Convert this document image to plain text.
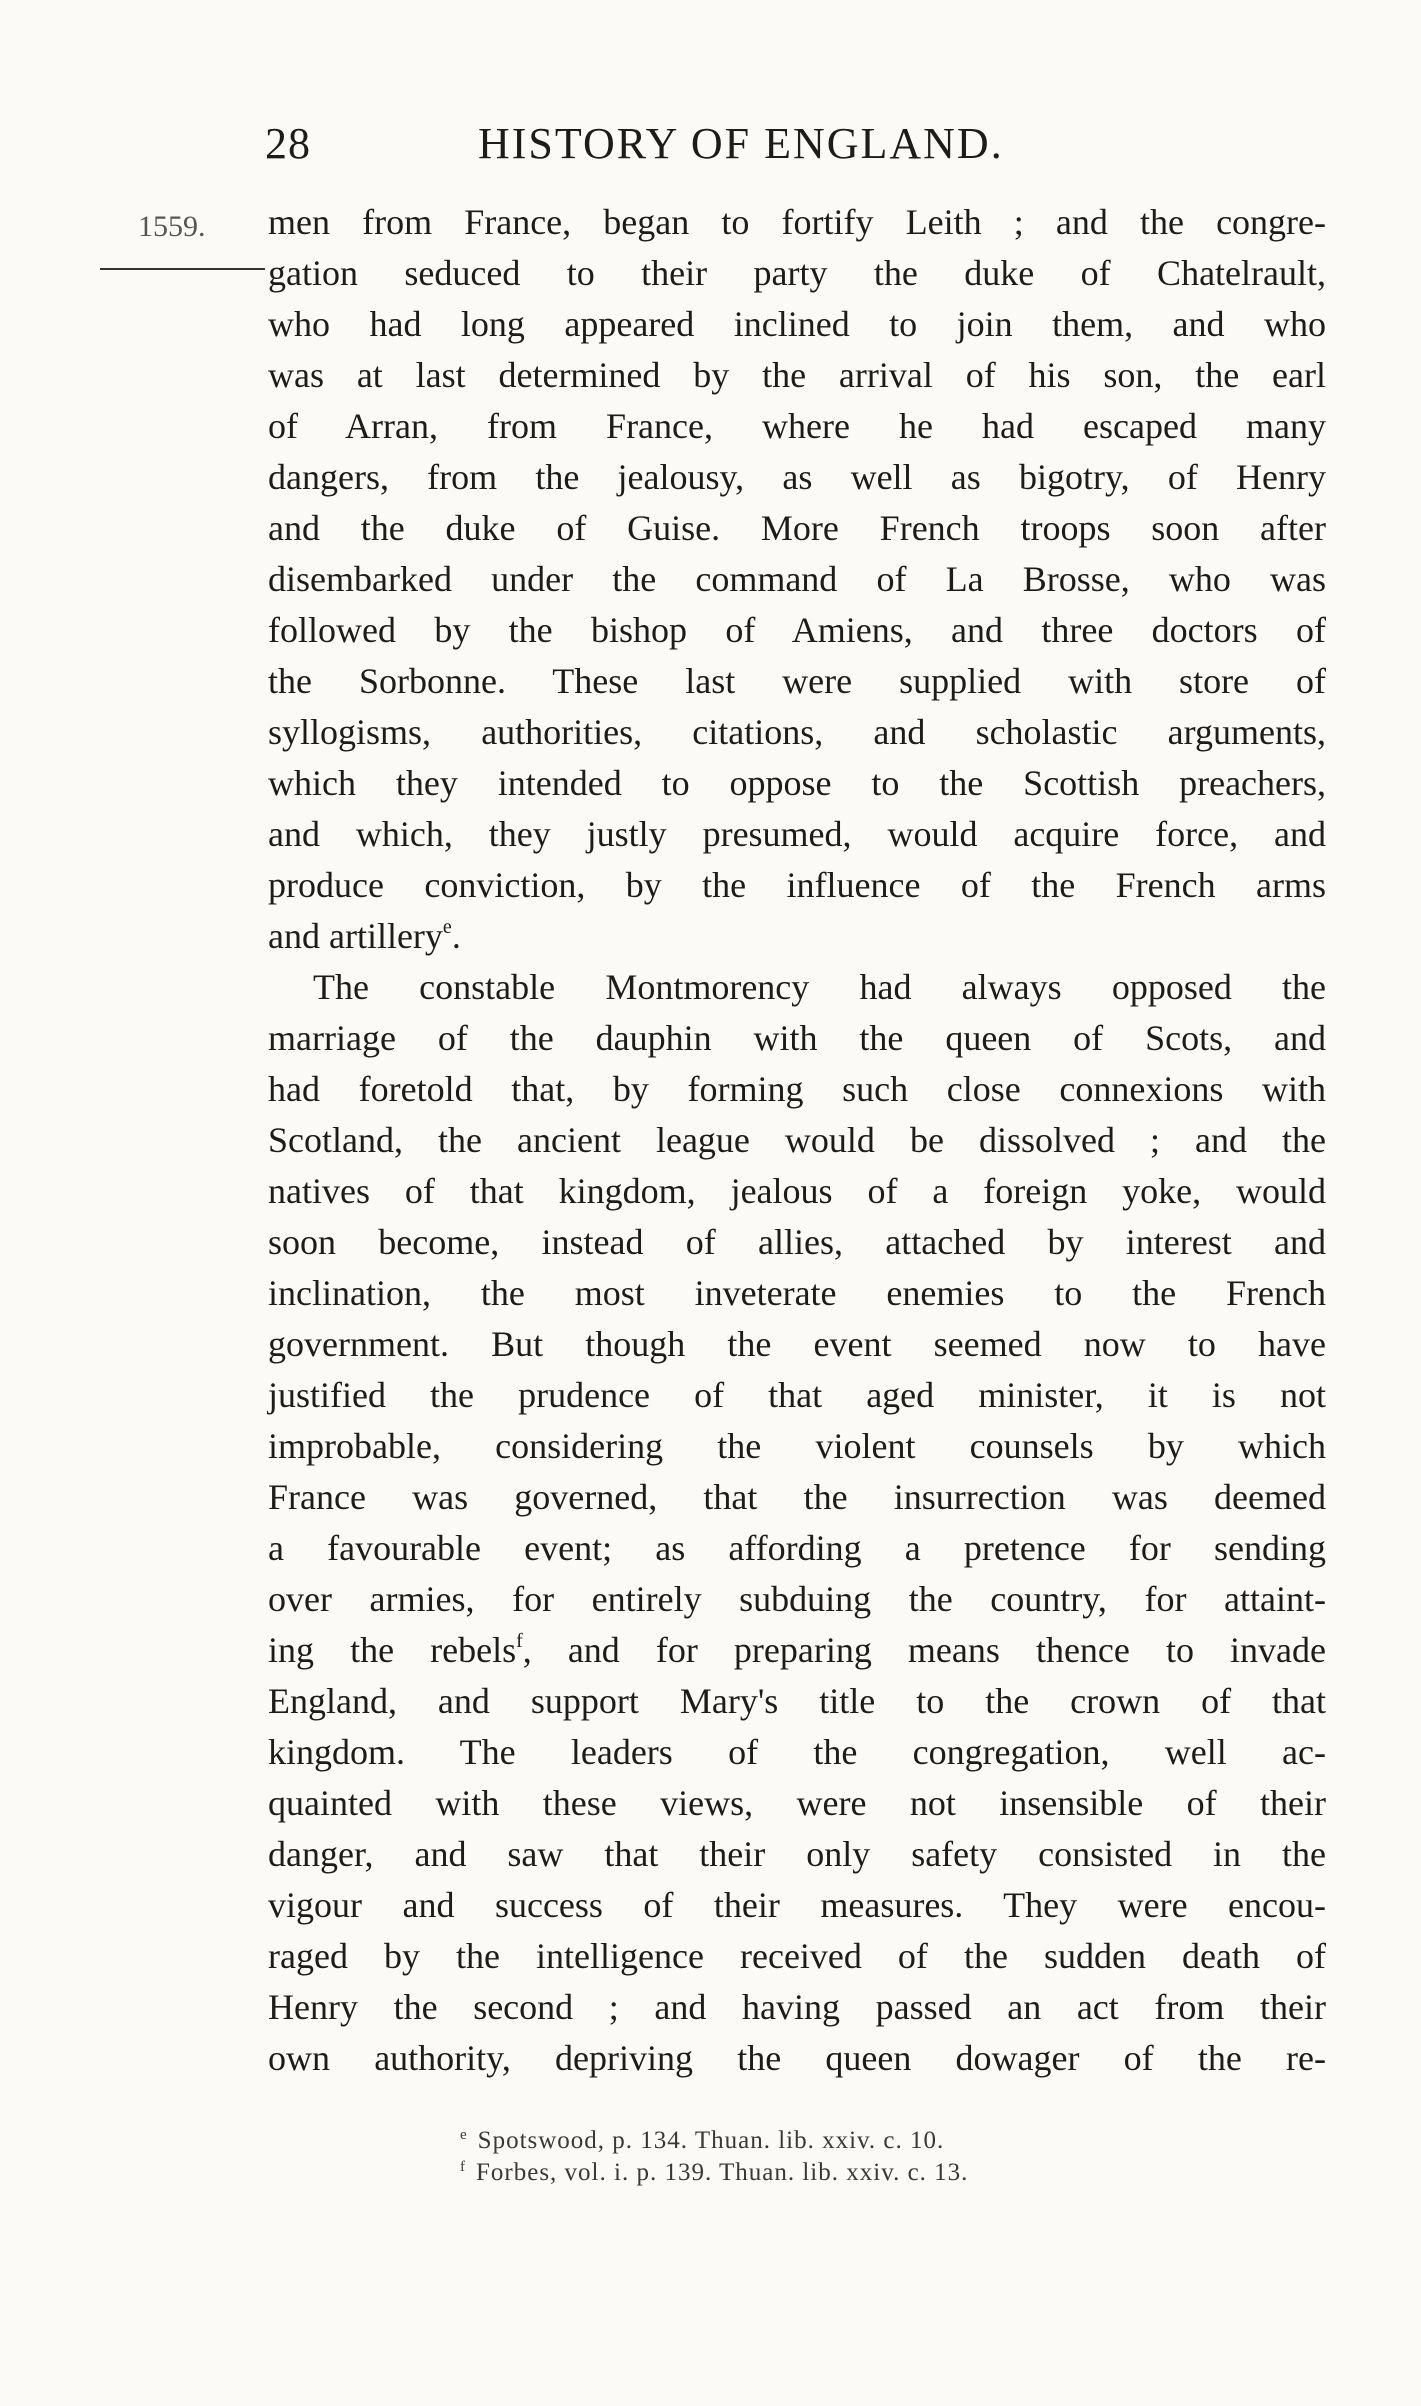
28	HISTORY OF ENGLAND.
1559. men from France, began to fortify Leith ; and the congre-
gation seduced to their party the duke of Chatelrault,
who had long appeared inclined to join them, and who
was at last determined by the arrival of his son, the earl
of Arran, from France, where he had escaped many
dangers, from the jealousy, as well as bigotry, of Henry
and the duke of Guise. More French troops soon after
disembarked under the command of La Brosse, who was
followed by the bishop of Amiens, and three doctors of
the Sorbonne. These last were supplied with store of
syllogisms, authorities, citations, and scholastic arguments,
which they intended to oppose to the Scottish preachers,
and which, they justly presumed, would acquire force, and
produce conviction, by the influence of the French arms
and artillery$^e$.
The constable Montmorency had always opposed the
marriage of the dauphin with the queen of Scots, and
had foretold that, by forming such close connexions with
Scotland, the ancient league would be dissolved ; and the
natives of that kingdom, jealous of a foreign yoke, would
soon become, instead of allies, attached by interest and
inclination, the most inveterate enemies to the French
government. But though the event seemed now to have
justified the prudence of that aged minister, it is not
improbable, considering the violent counsels by which
France was governed, that the insurrection was deemed
a favourable event; as affording a pretence for sending
over armies, for entirely subduing the country, for attaint-
ing the rebels$^f$, and for preparing means thence to invade
England, and support Mary's title to the crown of that
kingdom. The leaders of the congregation, well ac-
quainted with these views, were not insensible of their
danger, and saw that their only safety consisted in the
vigour and success of their measures. They were encou-
raged by the intelligence received of the sudden death of
Henry the second ; and having passed an act from their
own authority, depriving the queen dowager of the re-
$^e$ Spotswood, p. 134. Thuan. lib. xxiv. c. 10.
$^f$ Forbes, vol. i. p. 139. Thuan. lib. xxiv. c. 13.
